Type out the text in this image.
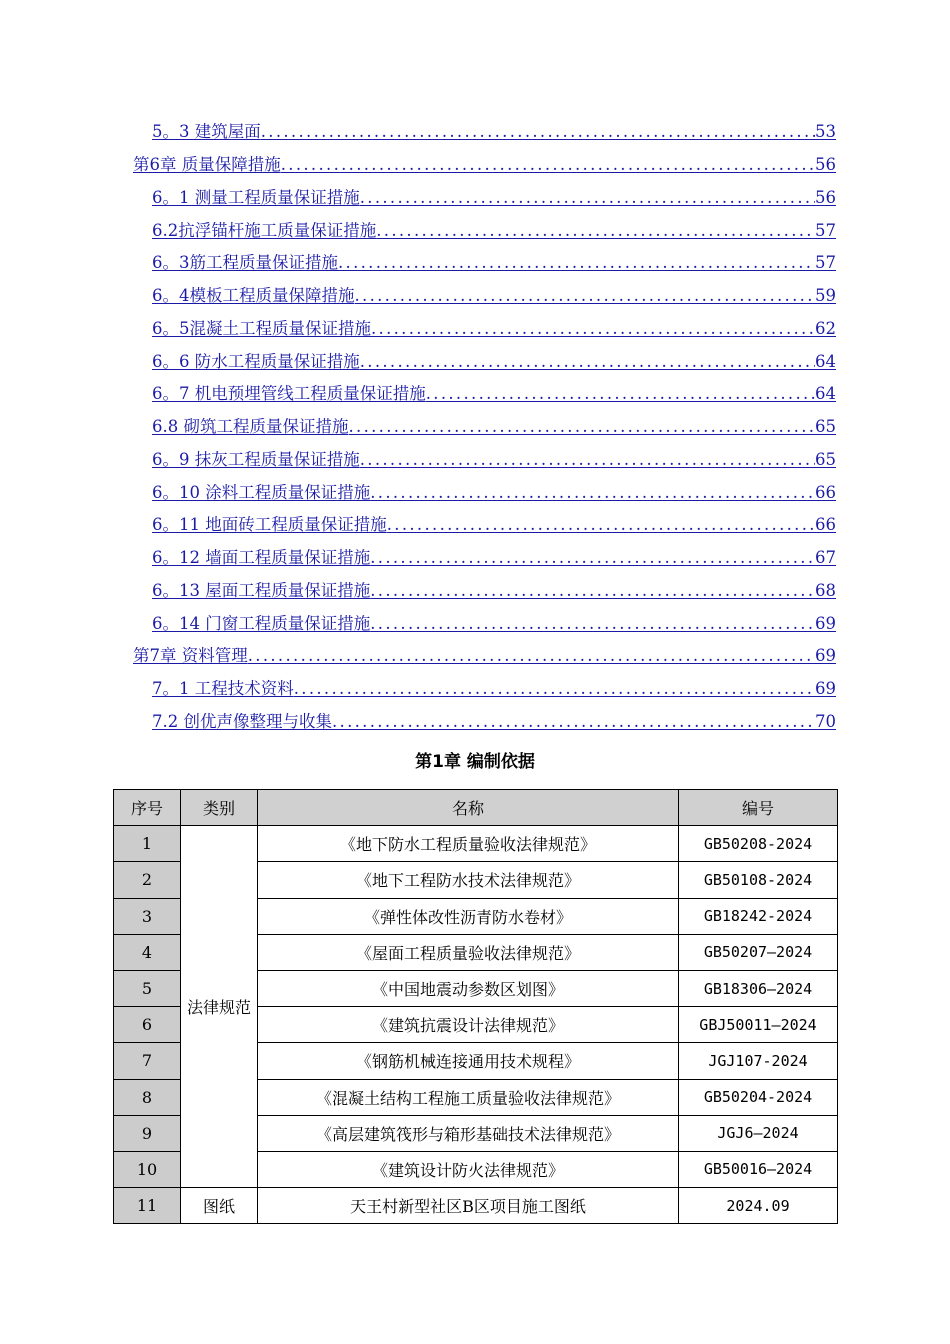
5。3 建筑屋面 .....	53
第6章 质量保障措施 .....	56
6。1 测量工程质量保证措施 .....	56
6.2抗浮锚杆施工质量保证措施 .....	57
6。3筋工程质量保证措施 .....	57
6。4模板工程质量保障措施 .....	59
6。5混凝土工程质量保证措施 .....	62
6。6 防水工程质量保证措施 .....	64
6。7 机电预埋管线工程质量保证措施 .....	64
6.8 砌筑工程质量保证措施 .....	65
6。9 抹灰工程质量保证措施 .....	65
6。10 涂料工程质量保证措施 .....	66
6。11 地面砖工程质量保证措施 .....	66
6。12 墙面工程质量保证措施 .....	67
6。13 屋面工程质量保证措施 .....	68
6。14 门窗工程质量保证措施 .....	69
第7章 资料管理 .....	69
7。1 工程技术资料 .....	69
7.2 创优声像整理与收集 .....	70
第1章 编制依据
序号	类别	名称	编号
1	法律规范	《地下防水工程质量验收法律规范》	GB50208-2024
2		《地下工程防水技术法律规范》	GB50108-2024
3		《弹性体改性沥青防水卷材》	GB18242-2024
4		《屋面工程质量验收法律规范》	GB50207—2024
5		《中国地震动参数区划图》	GB18306—2024
6		《建筑抗震设计法律规范》	GBJ50011—2024
7		《钢筋机械连接通用技术规程》	JGJ107-2024
8		《混凝土结构工程施工质量验收法律规范》	GB50204-2024
9		《高层建筑筏形与箱形基础技术法律规范》	JGJ6—2024
10		《建筑设计防火法律规范》	GB50016—2024
11	图纸	天王村新型社区B区项目施工图纸	2024.09
